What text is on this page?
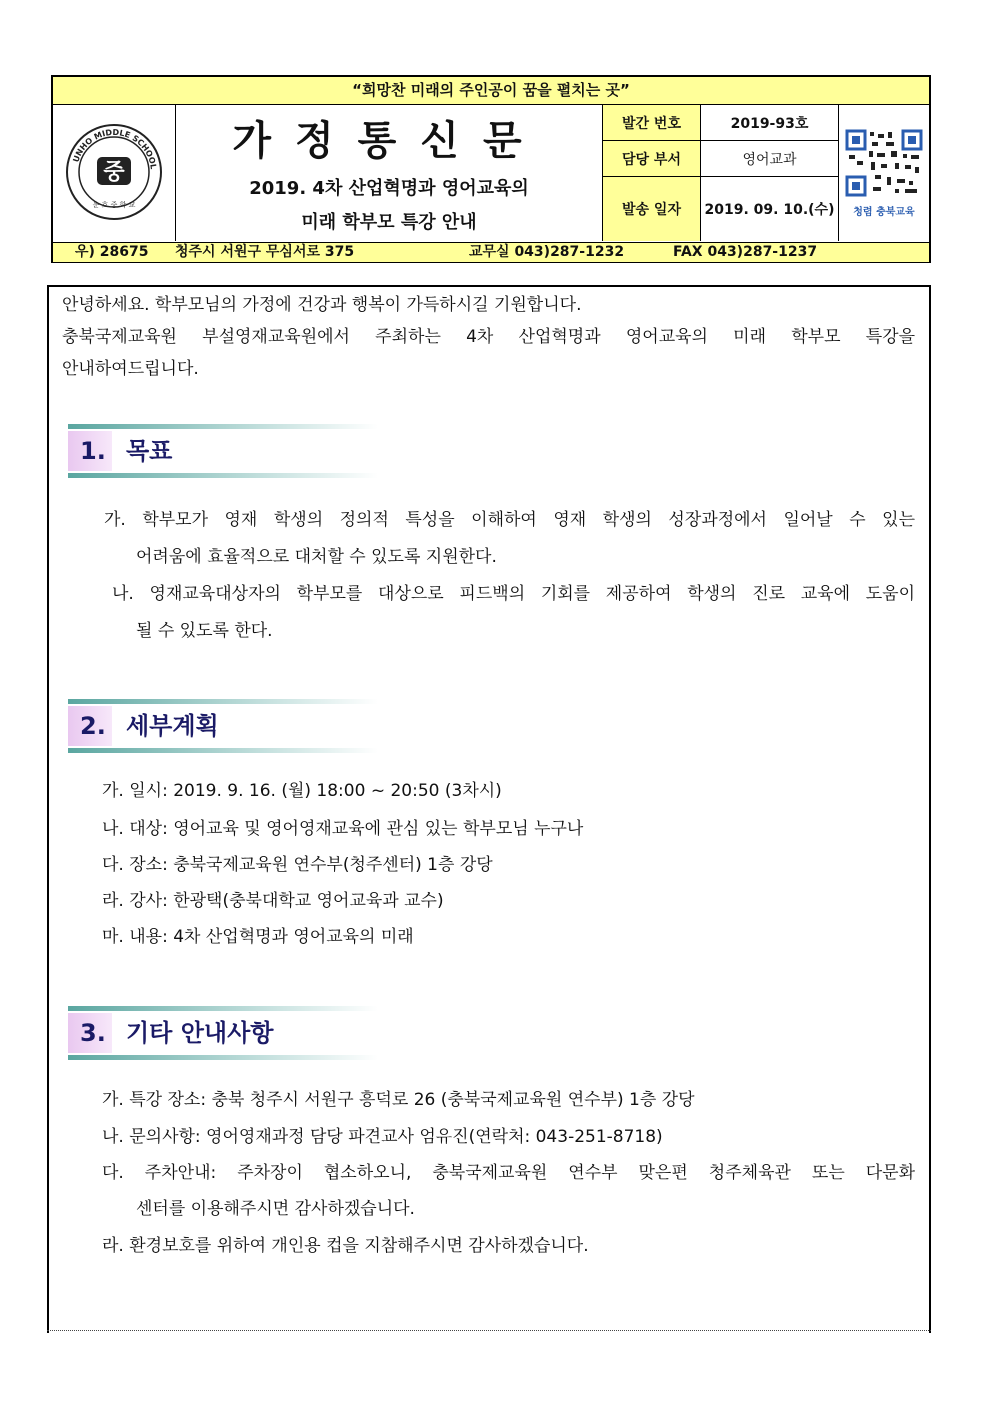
“희망찬 미래의 주인공이 꿈을 펼치는 곳”
UNHO MIDDLE SCHOOL
중
운 호 중 학 교
가정통신문
2019. 4차 산업혁명과 영어교육의
미래 학부모 특강 안내
발간 번호	2019-93호
담당 부서	영어교과
발송 일자	2019. 09. 10.(수)	청렴 충북교육
우) 28675 청주시 서원구 무심서로 375	교무실 043)287-1232	FAX 043)287-1237
안녕하세요. 학부모님의 가정에 건강과 행복이 가득하시길 기원합니다.
충북국제교육원 부설영재교육원에서 주최하는 4차 산업혁명과 영어교육의 미래 학부모 특강을
안내하여드립니다.
1. 목표
가. 학부모가 영재 학생의 정의적 특성을 이해하여 영재 학생의 성장과정에서 일어날 수 있는
어려움에 효율적으로 대처할 수 있도록 지원한다.
나. 영재교육대상자의 학부모를 대상으로 피드백의 기회를 제공하여 학생의 진로 교육에 도움이
될 수 있도록 한다.
2. 세부계획
가. 일시: 2019. 9. 16. (월) 18:00 ~ 20:50 (3차시)
나. 대상: 영어교육 및 영어영재교육에 관심 있는 학부모님 누구나
다. 장소: 충북국제교육원 연수부(청주센터) 1층 강당
라. 강사: 한광택(충북대학교 영어교육과 교수)
마. 내용: 4차 산업혁명과 영어교육의 미래
3. 기타 안내사항
가. 특강 장소: 충북 청주시 서원구 흥덕로 26 (충북국제교육원 연수부) 1층 강당
나. 문의사항: 영어영재과정 담당 파견교사 엄유진(연락처: 043-251-8718)
다. 주차안내: 주차장이 협소하오니, 충북국제교육원 연수부 맞은편 청주체육관 또는 다문화
센터를 이용해주시면 감사하겠습니다.
라. 환경보호를 위하여 개인용 컵을 지참해주시면 감사하겠습니다.
